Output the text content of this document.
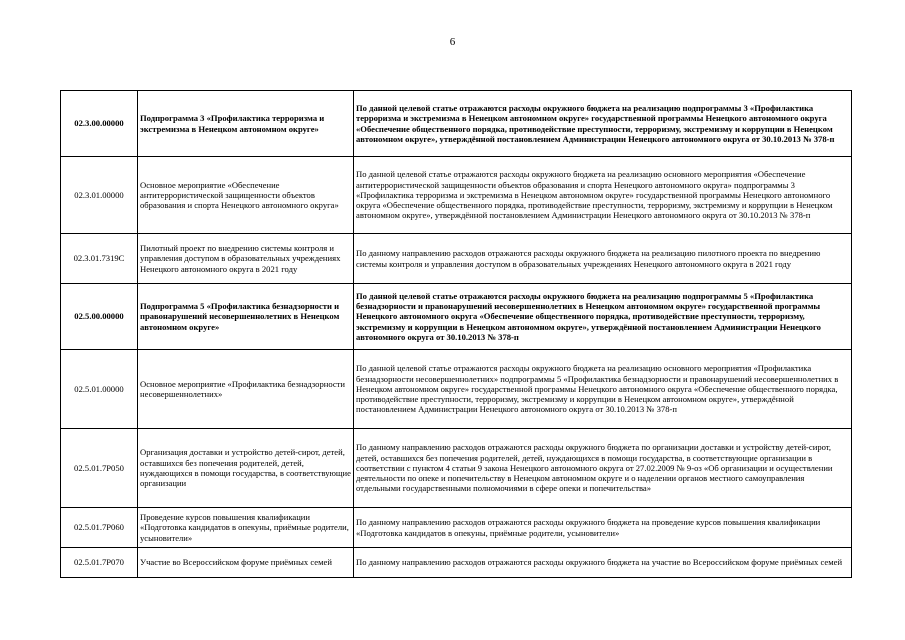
6
02.3.00.00000	Подпрограмма 3 «Профилактика терроризма и экстремизма в Ненецком автономном округе»	По данной целевой статье отражаются расходы окружного бюджета на реализацию подпрограммы 3 «Профилактика терроризма и экстремизма в Ненецком автономном округе» государственной программы Ненецкого автономного округа «Обеспечение общественного порядка, противодействие преступности, терроризму, экстремизму и коррупции в Ненецком автономном округе», утверждённой постановлением Администрации Ненецкого автономного округа от 30.10.2013 № 378-п
02.3.01.00000	Основное мероприятие «Обеспечение антитеррористической защищенности объектов образования и спорта Ненецкого автономного округа»	По данной целевой статье отражаются расходы окружного бюджета на реализацию основного мероприятия «Обеспечение антитеррористической защищенности объектов образования и спорта Ненецкого автономного округа» подпрограммы 3 «Профилактика терроризма и экстремизма в Ненецком автономном округе» государственной программы Ненецкого автономного округа «Обеспечение общественного порядка, противодействие преступности, терроризму, экстремизму и коррупции в Ненецком автономном округе», утверждённой постановлением Администрации Ненецкого автономного округа от 30.10.2013 № 378-п
02.3.01.7319С	Пилотный проект по внедрению системы контроля и управления доступом в образовательных учреждениях Ненецкого автономного округа в 2021 году	По данному направлению расходов отражаются расходы окружного бюджета на реализацию пилотного проекта по внедрению системы контроля и управления доступом в образовательных учреждениях Ненецкого автономного округа в 2021 году
02.5.00.00000	Подпрограмма 5 «Профилактика безнадзорности и правонарушений несовершеннолетних в Ненецком автономном округе»	По данной целевой статье отражаются расходы окружного бюджета на реализацию подпрограммы 5 «Профилактика безнадзорности и правонарушений несовершеннолетних в Ненецком автономном округе» государственной программы Ненецкого автономного округа «Обеспечение общественного порядка, противодействие преступности, терроризму, экстремизму и коррупции в Ненецком автономном округе», утверждённой постановлением Администрации Ненецкого автономного округа от 30.10.2013 № 378-п
02.5.01.00000	Основное мероприятие «Профилактика безнадзорности несовершеннолетних»	По данной целевой статье отражаются расходы окружного бюджета на реализацию основного мероприятия «Профилактика безнадзорности несовершеннолетних» подпрограммы 5 «Профилактика безнадзорности и правонарушений несовершеннолетних в Ненецком автономном округе» государственной программы Ненецкого автономного округа «Обеспечение общественного порядка, противодействие преступности, терроризму, экстремизму и коррупции в Ненецком автономном округе», утверждённой постановлением Администрации Ненецкого автономного округа от 30.10.2013 № 378-п
02.5.01.7Р050	Организация доставки и устройство детей-сирот, детей, оставшихся без попечения родителей, детей, нуждающихся в помощи государства, в соответствующие организации	По данному направлению расходов отражаются расходы окружного бюджета по организации доставки и устройству детей-сирот, детей, оставшихся без попечения родителей, детей, нуждающихся в помощи государства, в соответствующие организации в соответствии с пунктом 4 статьи 9 закона Ненецкого автономного округа от 27.02.2009 № 9-оз «Об организации и осуществлении деятельности по опеке и попечительству в Ненецком автономном округе и о наделении органов местного самоуправления отдельными государственными полномочиями в сфере опеки и попечительства»
02.5.01.7Р060	Проведение курсов повышения квалификации «Подготовка кандидатов в опекуны, приёмные родители, усыновители»	По данному направлению расходов отражаются расходы окружного бюджета на проведение курсов повышения квалификации «Подготовка кандидатов в опекуны, приёмные родители, усыновители»
02.5.01.7Р070	Участие во Всероссийском форуме приёмных семей	По данному направлению расходов отражаются расходы окружного бюджета на участие во Всероссийском форуме приёмных семей
